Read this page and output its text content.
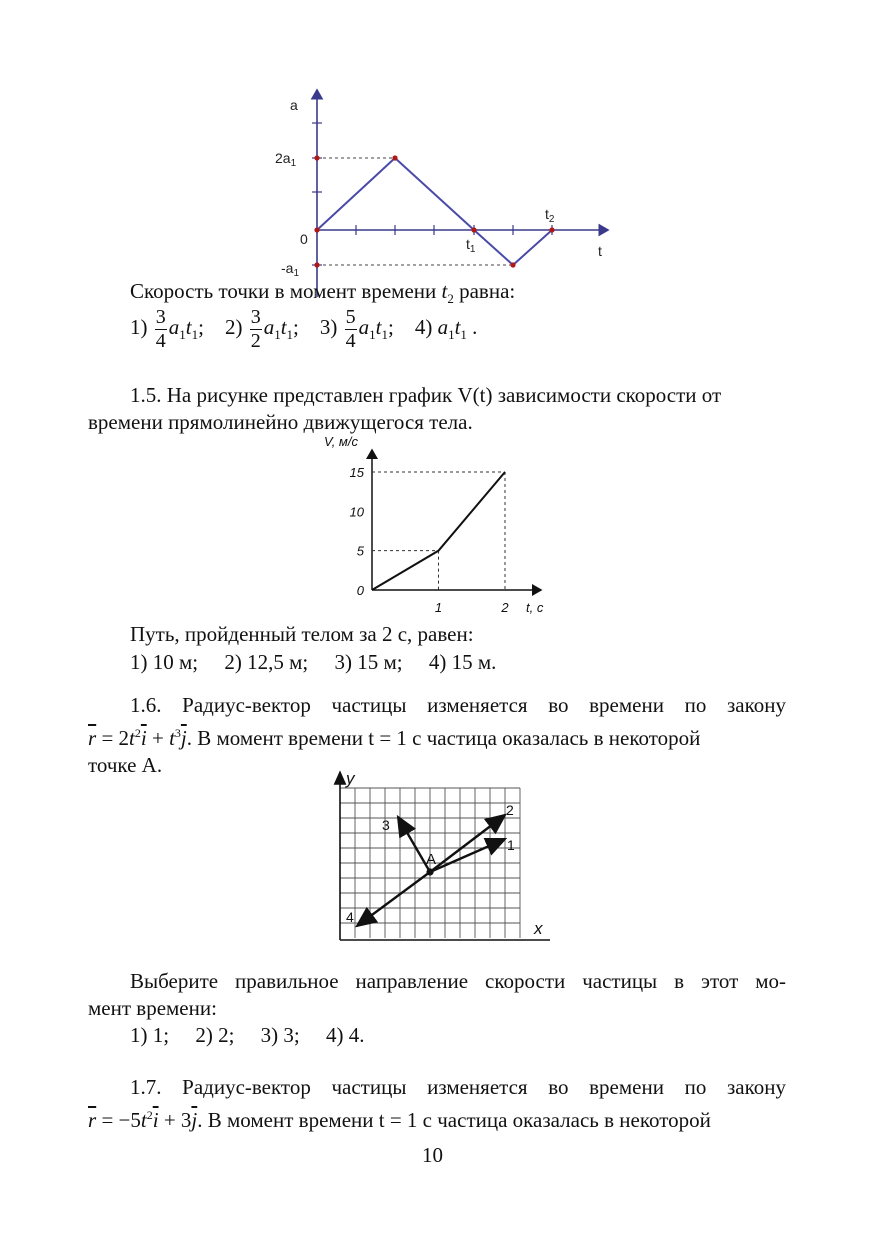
a
$2a_1$
0
$-a_1$
$t_1$
$t_2$
t
Скорость точки в момент времени $t_2$ равна:
$1) \frac{3}{4} a_1t_1$; $2) \frac{3}{2} a_1t_1$; $3) \frac{5}{4} a_1t_1$; 4) $a_1t_1$ .
1.5. На рисунке представлен график V(t) зависимости скорости от
времени прямолинейно движущегося тела.
V, м/с
t, c
0
5
10
15
1	2
Путь, пройденный телом за 2 с, равен:
1) 10 м;     2) 12,5 м;     3) 15 м;     4) 15 м.
1.6. Радиус-вектор частицы изменяется во времени по закону
$\overline{r} = 2t^2\overline{i} + t^3\overline{j}$. В момент времени t = 1 с частица оказалась в некоторой
точке A.
y
x
A
1
2
3
4
Выберите правильное направление скорости частицы в этот мо-
мент времени:
1) 1;     2) 2;     3) 3;     4) 4.
1.7. Радиус-вектор частицы изменяется во времени по закону
$\overline{r} = -5t^2\overline{i} + 3\overline{j}$. В момент времени t = 1 с частица оказалась в некоторой
10
